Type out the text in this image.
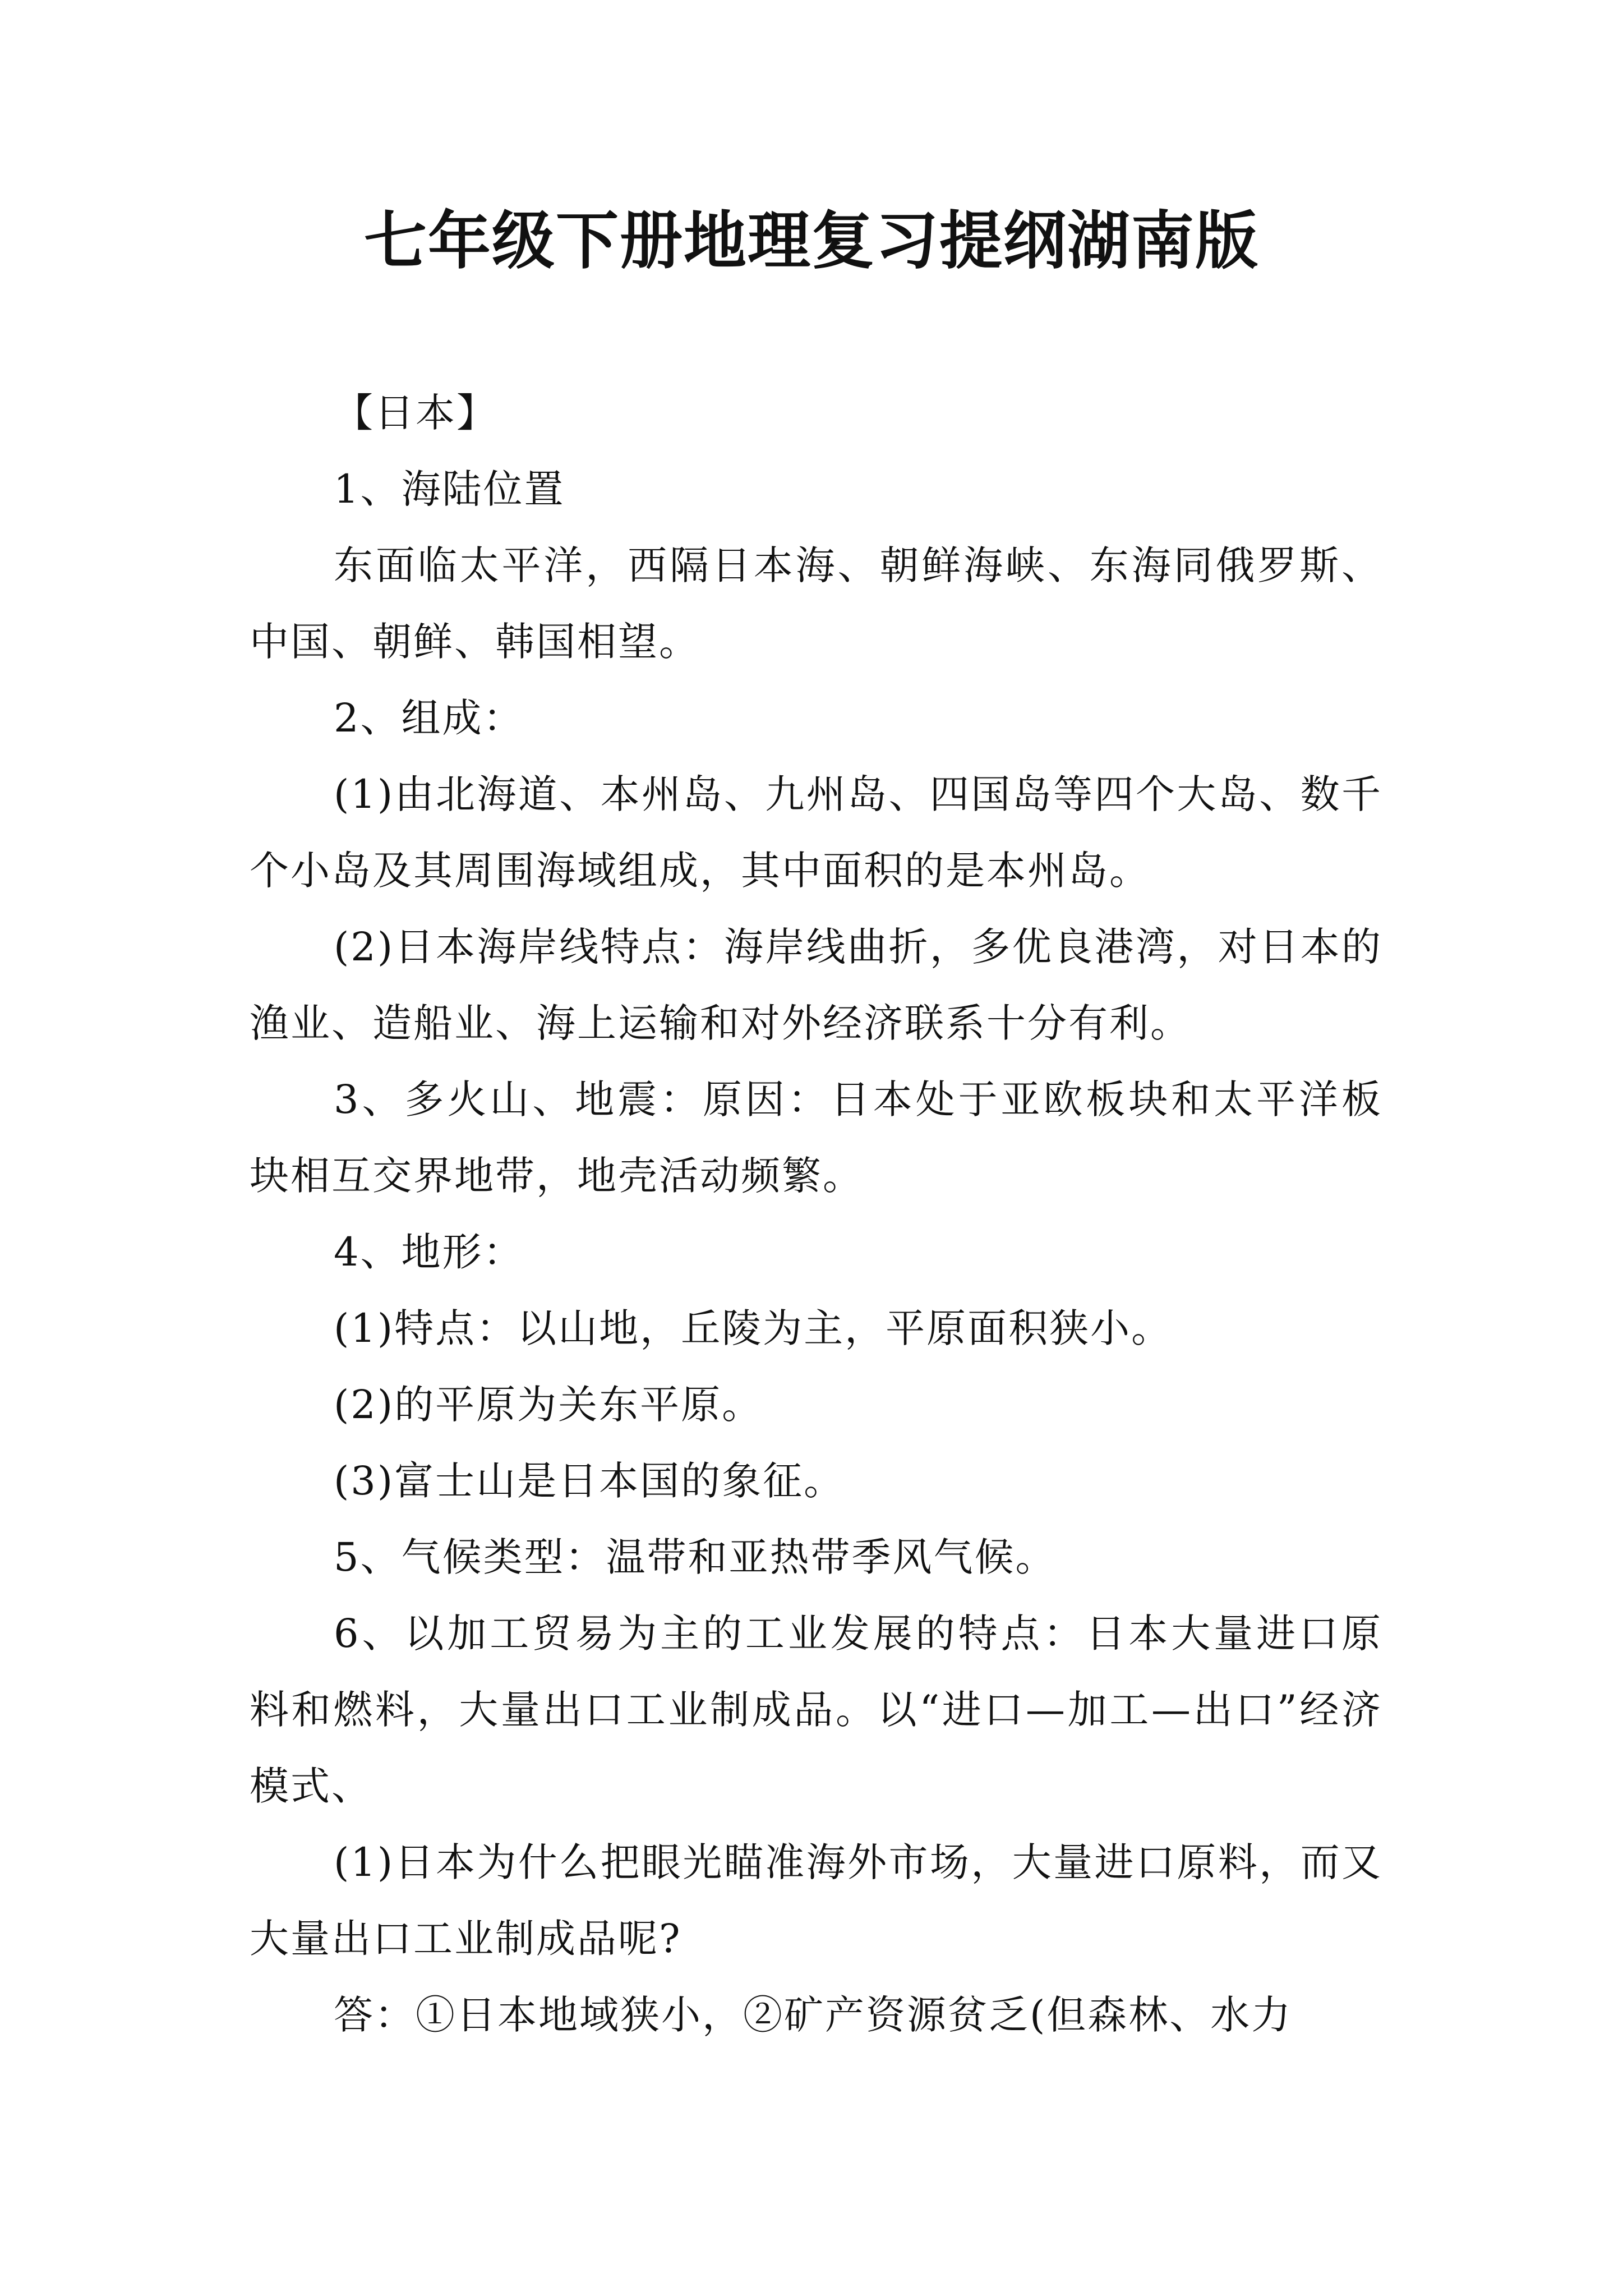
七年级下册地理复习提纲湖南版

【日本】

1、海陆位置

东面临太平洋，西隔日本海、朝鲜海峡、东海同俄罗斯、中国、朝鲜、韩国相望。

2、组成：

(1)由北海道、本州岛、九州岛、四国岛等四个大岛、数千个小岛及其周围海域组成，其中面积的是本州岛。

(2)日本海岸线特点：海岸线曲折，多优良港湾，对日本的渔业、造船业、海上运输和对外经济联系十分有利。

3、多火山、地震：原因：日本处于亚欧板块和太平洋板块相互交界地带，地壳活动频繁。

4、地形：

(1)特点：以山地，丘陵为主，平原面积狭小。

(2)的平原为关东平原。

(3)富士山是日本国的象征。

5、气候类型：温带和亚热带季风气候。

6、以加工贸易为主的工业发展的特点：日本大量进口原料和燃料，大量出口工业制成品。以“进口—加工—出口”经济模式、

(1)日本为什么把眼光瞄准海外市场，大量进口原料，而又大量出口工业制成品呢?

答：①日本地域狭小，②矿产资源贫乏(但森林、水力
